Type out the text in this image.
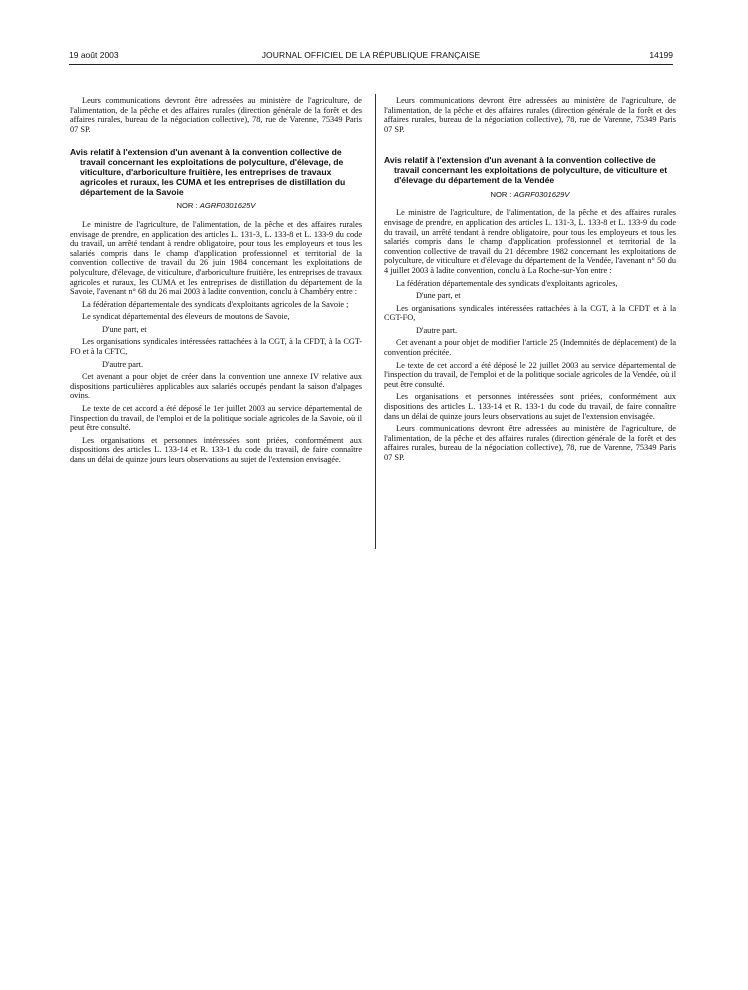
19 août 2003	JOURNAL OFFICIEL DE LA RÉPUBLIQUE FRANÇAISE	14199

Leurs communications devront être adressées au ministère de l'agriculture, de l'alimentation, de la pêche et des affaires rurales (direction générale de la forêt et des affaires rurales, bureau de la négociation collective), 78, rue de Varenne, 75349 Paris 07 SP.

Avis relatif à l'extension d'un avenant à la convention collective de travail concernant les exploitations de polyculture, d'élevage, de viticulture, d'arboriculture fruitière, les entreprises de travaux agricoles et ruraux, les CUMA et les entreprises de distillation du département de la Savoie
NOR : AGRF0301625V

Le ministre de l'agriculture, de l'alimentation, de la pêche et des affaires rurales envisage de prendre, en application des articles L. 131-3, L. 133-8 et L. 133-9 du code du travail, un arrêté tendant à rendre obligatoire, pour tous les employeurs et tous les salariés compris dans le champ d'application professionnel et territorial de la convention collective de travail du 26 juin 1984 concernant les exploitations de polyculture, d'élevage, de viticulture, d'arboriculture fruitière, les entreprises de travaux agricoles et ruraux, les CUMA et les entreprises de distillation du département de la Savoie, l'avenant n° 68 du 26 mai 2003 à ladite convention, conclu à Chambéry entre :

La fédération départementale des syndicats d'exploitants agricoles de la Savoie ;

Le syndicat départemental des éleveurs de moutons de Savoie,

D'une part, et

Les organisations syndicales intéressées rattachées à la CGT, à la CFDT, à la CGT-FO et à la CFTC,

D'autre part.

Cet avenant a pour objet de créer dans la convention une annexe IV relative aux dispositions particulières applicables aux salariés occupés pendant la saison d'alpages ovins.

Le texte de cet accord a été déposé le 1er juillet 2003 au service départemental de l'inspection du travail, de l'emploi et de la politique sociale agricoles de la Savoie, où il peut être consulté.

Les organisations et personnes intéressées sont priées, conformément aux dispositions des articles L. 133-14 et R. 133-1 du code du travail, de faire connaître dans un délai de quinze jours leurs observations au sujet de l'extension envisagée.

Leurs communications devront être adressées au ministère de l'agriculture, de l'alimentation, de la pêche et des affaires rurales (direction générale de la forêt et des affaires rurales, bureau de la négociation collective), 78, rue de Varenne, 75349 Paris 07 SP.

Avis relatif à l'extension d'un avenant à la convention collective de travail concernant les exploitations de polyculture, de viticulture et d'élevage du département de la Vendée
NOR : AGRF0301629V

Le ministre de l'agriculture, de l'alimentation, de la pêche et des affaires rurales envisage de prendre, en application des articles L. 131-3, L. 133-8 et L. 133-9 du code du travail, un arrêté tendant à rendre obligatoire, pour tous les employeurs et tous les salariés compris dans le champ d'application professionnel et territorial de la convention collective de travail du 21 décembre 1982 concernant les exploitations de polyculture, de viticulture et d'élevage du département de la Vendée, l'avenant n° 50 du 4 juillet 2003 à ladite convention, conclu à La Roche-sur-Yon entre :

La fédération départementale des syndicats d'exploitants agricoles,

D'une part, et

Les organisations syndicales intéressées rattachées à la CGT, à la CFDT et à la CGT-FO,

D'autre part.

Cet avenant a pour objet de modifier l'article 25 (Indemnités de déplacement) de la convention précitée.

Le texte de cet accord a été déposé le 22 juillet 2003 au service départemental de l'inspection du travail, de l'emploi et de la politique sociale agricoles de la Vendée, où il peut être consulté.

Les organisations et personnes intéressées sont priées, conformément aux dispositions des articles L. 133-14 et R. 133-1 du code du travail, de faire connaître dans un délai de quinze jours leurs observations au sujet de l'extension envisagée.

Leurs communications devront être adressées au ministère de l'agriculture, de l'alimentation, de la pêche et des affaires rurales (direction générale de la forêt et des affaires rurales, bureau de la négociation collective), 78, rue de Varenne, 75349 Paris 07 SP.
